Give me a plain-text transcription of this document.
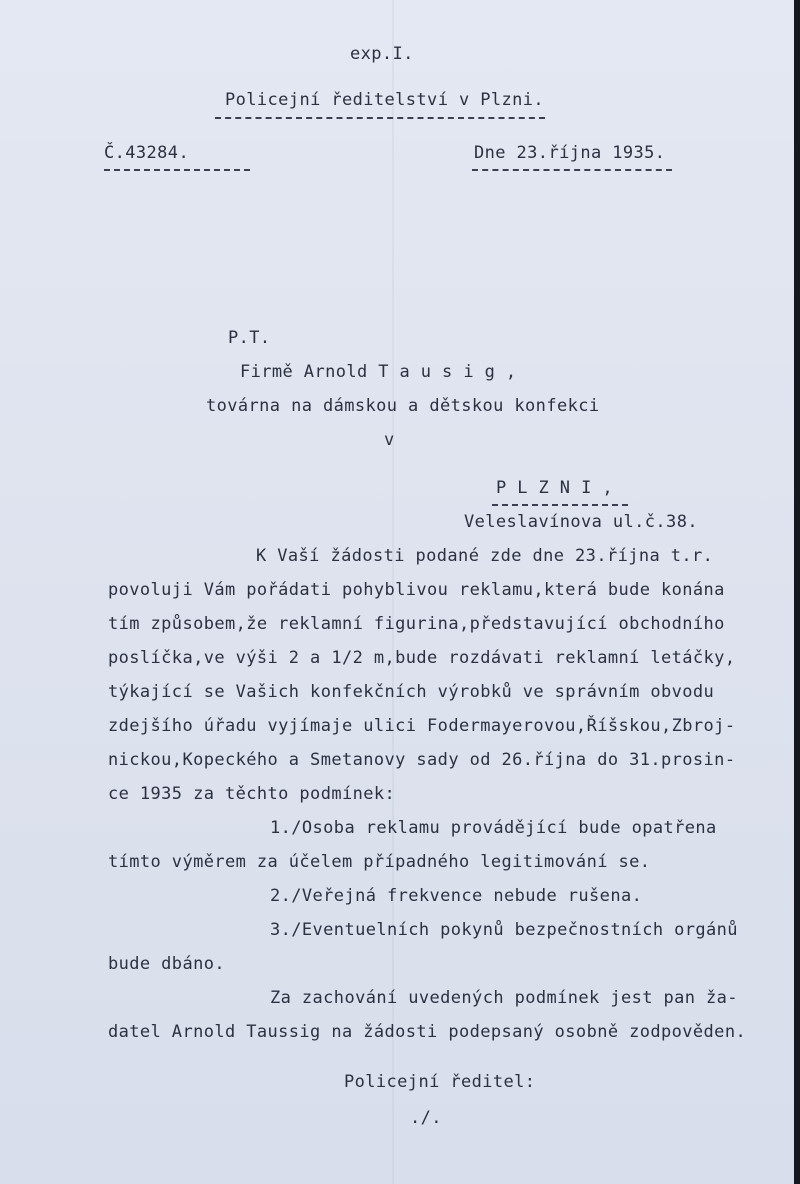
exp.I.
Policejní ředitelství v Plzni.
Č.43284.	Dne 23.října 1935.
P.T.
Firmě Arnold T a u s i g ,
továrna na dámskou a dětskou konfekci
v
P L Z N I ,
Veleslavínova ul.č.38.
K Vaší žádosti podané zde dne 23.října t.r.
povoluji Vám pořádati pohyblivou reklamu,která bude konána
tím způsobem,že reklamní figurina,představující obchodního
poslíčka,ve výši 2 a 1/2 m,bude rozdávati reklamní letáčky,
týkající se Vašich konfekčních výrobků ve správním obvodu
zdejšího úřadu vyjímaje ulici Fodermayerovou,Říšskou,Zbroj-
nickou,Kopeckého a Smetanovy sady od 26.října do 31.prosin-
ce 1935 za těchto podmínek:
1./Osoba reklamu provádějící bude opatřena
tímto výměrem za účelem případného legitimování se.
2./Veřejná frekvence nebude rušena.
3./Eventuelních pokynů bezpečnostních orgánů
bude dbáno.
Za zachování uvedených podmínek jest pan ža-
datel Arnold Taussig na žádosti podepsaný osobně zodpověden.
Policejní ředitel:
./.
